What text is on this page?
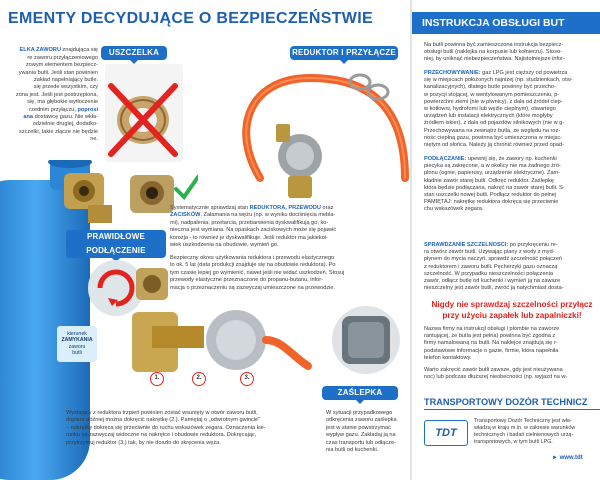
EMENTY DECYDUJĄCE O BEZPIECZEŃSTWIE

ELKA ZAWORU znajdująca się
re zaworu przyłączeniowego
zowym elementem bezpiecz-
ywania butli. Jeśli stan powinien
zakład napełniający butle.
się przede wszystkim, czy
zona jest. Jeśli jest postrzępiona,
się, ma głębokie wytłoczenie
rzednim przyłączu, poprosi
ana dostawcę gazu. Nie wkła-
odzielnie drugiej, dodatko-
szczelki, takie złącze nie będzie
ne.

kierunek
ZAMYKANIA
zaworu
butli
USZCZELKA	REDUKTOR I PRZYŁĄCZE
Systematycznie sprawdzaj stan REDUKTORA, PRZEWODU oraz
ZACISKÓW. Załamania na wężu (np. w wyniku dociśnięcia mebla-
mi), nadpalenia, przetarcia, przebarwienia dyskwalifikują go, ko-
nieczna jest wymiana. Na opaskach zaciskowych może się pojawić
korozja - to również je dyskwalifikuje. Jeśli reduktor ma jakiekol-
wiek uszkodzenia na obudowie, wymień go.
Bezpieczny okres użytkowania reduktora i przewodu elastycznego
to ok. 5 lat (data produkcji znajduje się na obudowie reduktora). Po
tym czasie lepiej go wymienić, nawet jeśli nie widać uszkodzeń. Stosuj
przewody elastyczne przeznaczone do propanu-butanu, infor-
macja o przeznaczeniu są zazwyczaj umieszczone na przewodzie.
PRAWIDŁOWE PODŁĄCZENIE
1.	2.	3.
ZAŚLEPKA
Wystający z reduktora trzpień powinien zostać wsunięty w otwór zaworu butli,
dopiero później można dokręcić nakrętkę (2.). Pamiętaj o „odwrotnym gwincie"
– nakrętkę dokręca się przeciwnie do ruchu wskazówek zegara. Oznaczenia kie-
runku są zazwyczaj widoczne na nakrętce i obudowie reduktora. Dokręcając,
przytrzymuj reduktor (3.) tak, by nie doszło do skręcenia węża.
W sytuacji przypadkowego
odkręcenia zaworu zaślepka
jest w stanie powstrzymać
wypływ gazu. Zakładaj ją na
czas transportu lub odłącze-
nia butli od kuchenki.
INSTRUKCJA OBSŁUGI BUT
Na butli powinna być zamieszczona instrukcja bezpiecz-
obsługi butli (naklejka na korpusie lub kołnierzu). Stoso-
niej, by uniknąć niebezpieczeństwa. Najistotniejsze infor-
PRZECHOWYWANIE: gaz LPG jest cięższy od powietrza
się w miejscach położonych najniżej (np. studzienkach, otw-
kanalizacyjnych), dlatego butle powinny być przecho-
w pozycji stojącej, w wentylowanym pomieszczeniu, p-
powierzchni ziemi (nie w piwnicy), z dala od źródeł ciep-
w kotłowni, hydroforni lub węźle cieplnym), otwartego
urządzeń lub instalacji elektrycznych (które mogłyby
źródłem iskier), z dala od pojazdów silnikowych (nie w g-
Przechowywana na zewnątrz butla, ze względu na roz-
nośc ciepłną gazu, powinna być umieszczona w miejsc-
niętym od słońca. Należy ją chronić również przed opad-
PODŁĄCZANIE: upewnij się, że zawory np. kuchenki
piecyka są zakręcone, a w okolicy nie ma żadnego źró-
plonu (ognie, papierosy, urządzenie elektryczne). Zam-
kładnie zawór starej butli. Odkręć reduktor. Zaślepkę
która będzie podłączana, nakręć na zawór starej butli. S-
stan uszczelki nowej butli. Podłącz reduktor do pełnej
PAMIĘTAJ: nakrętkę reduktora dokręca się przeciwnie
chu wskazówek zegara.
SPRAWDZANIE SZCZELNOŚCI: po przykręceniu re-
ra otwórz zawór butli. Używając piany z wody z myd-
płynem do mycia naczyń, sprawdź szczelność połączeń
z reduktorem i zaworu butli. Pęcherzyki gazu oznaczą
szczelność. W przypadku nieszczelności połączenia
zawór, odłącz butlę od kuchenki i wymień ją na zawsze
nieszczelny jest zawór butli, zwróć ją natychmiast dosta-
Nigdy nie sprawdzaj szczelności przyłącz
przy użyciu zapałek lub zapalniczki!
Nazwa firmy na instrukcji obsługi i plombie na zaworze
rantującej, że butla jest pełna) powinna być zgodna z
firmy namalowaną na butli. Na naklejce znajdują się r-
podstawowe informacje o gazie, firmie, która napełniła
telefon kontaktowy.
Warto zakręcić zawór butli zawsze, gdy jest nieużywana
noc) lub podczas dłuższej nieobecności (np. wyjazd na w-
TRANSPORTOWY DOZÓR TECHNICZ
TDT
Transportowy Dozór Techniczny jest wła-
władzą w kraju m.in. w zakresie warunków
technicznych i badań cielnienowych urzą-
transportowych, w tym butli LPG.
► www.tdt
